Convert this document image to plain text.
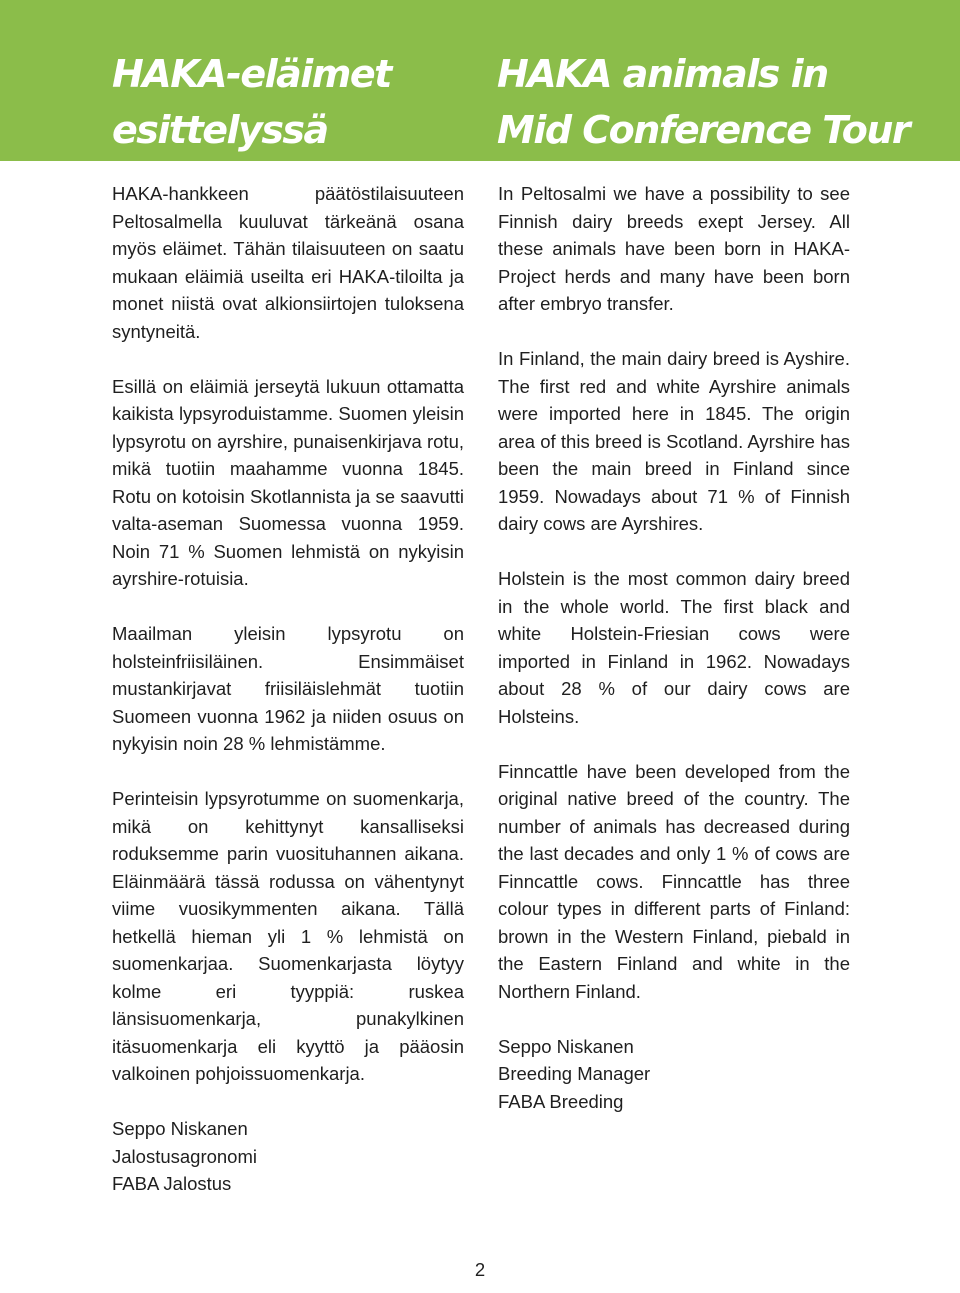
HAKA-eläimet
esittelyssä
HAKA animals in
Mid Conference Tour

HAKA-hankkeen päätöstilaisuuteen Peltosalmella kuuluvat tärkeänä osana myös eläimet. Tähän tilaisuuteen on saatu mukaan eläimiä useilta eri HAKA-tiloilta ja monet niistä ovat alkionsiirtojen tuloksena syntyneitä.

Esillä on eläimiä jerseytä lukuun ottamatta kaikista lypsyroduistamme. Suomen yleisin lypsyrotu on ayrshire, punaisenkirjava rotu, mikä tuotiin maahamme vuonna 1845. Rotu on kotoisin Skotlannista ja se saavutti valta-aseman Suomessa vuonna 1959. Noin 71 % Suomen lehmistä on nykyisin ayrshire-rotuisia.

Maailman yleisin lypsyrotu on holsteinfriisiläinen. Ensimmäiset mustankirjavat friisiläislehmät tuotiin Suomeen vuonna 1962 ja niiden osuus on nykyisin noin 28 % lehmistämme.

Perinteisin lypsyrotumme on suomenkarja, mikä on kehittynyt kansalliseksi roduksemme parin vuosituhannen aikana. Eläinmäärä tässä rodussa on vähentynyt viime vuosikymmenten aikana. Tällä hetkellä hieman yli 1 % lehmistä on suomenkarjaa. Suomenkarjasta löytyy kolme eri tyyppiä: ruskea länsisuomenkarja, punakylkinen itäsuomenkarja eli kyyttö ja pääosin valkoinen pohjoissuomenkarja.

Seppo Niskanen
Jalostusagronomi
FABA Jalostus

In Peltosalmi we have a possibility to see Finnish dairy breeds exept Jersey. All these animals have been born in HAKA-Project herds and many have been born after embryo transfer.

In Finland, the main dairy breed is Ayshire. The first red and white Ayrshire animals were imported here in 1845. The origin area of this breed is Scotland. Ayrshire has been the main breed in Finland since 1959. Nowadays about 71 % of Finnish dairy cows are Ayrshires.

Holstein is the most common dairy breed in the whole world. The first black and white Holstein-Friesian cows were imported in Finland in 1962. Nowadays about 28 % of our dairy cows are Holsteins.

Finncattle have been developed from the original native breed of the country. The number of animals has decreased during the last decades and only 1 % of cows are Finncattle cows. Finncattle has three colour types in different parts of Finland: brown in the Western Finland, piebald in the Eastern Finland and white in the Northern Finland.

Seppo Niskanen
Breeding Manager
FABA Breeding
2
